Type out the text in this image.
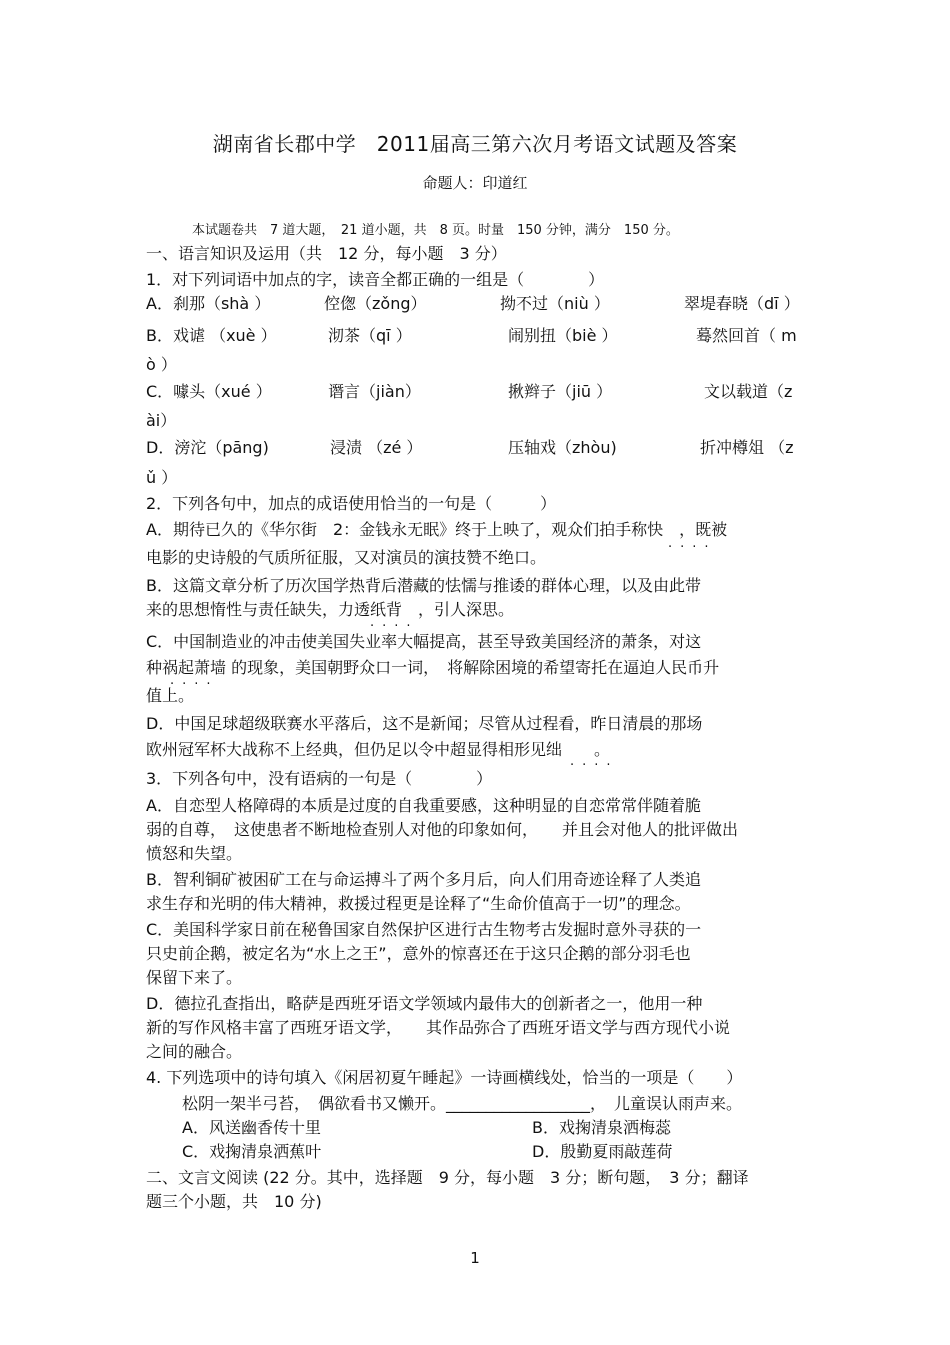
湖南省长郡中学　2011届高三第六次月考语文试题及答案
命题人：印道红
本试题卷共　7 道大题，　21 道小题，共　8 页。时量　150 分钟，满分　150 分。
一、语言知识及运用（共　12 分，每小题　3 分）
1．对下列词语中加点的字，读音全都正确的一组是（　　　　）
A．刹那（shà ）	倥偬（zǒng）	拗不过（niù ）	翠堤春晓（dī ）
B．戏谑 （xuè ）	沏茶（qī ）	闹别扭（biè ）	蓦然回首（ m
ò ）
C．噱头（xué ）	谮言（jiàn）	揪辫子（jiū ）	文以载道（z
ài）
D．滂沱（pāng)	浸渍 （zé ）	压轴戏（zhòu)	折冲樽俎 （z
ǔ ）
2．下列各句中，加点的成语使用恰当的一句是（　　　）
A．期待已久的《华尔街　2：金钱永无眠》终于上映了，观众们拍手称快　，既被
....
电影的史诗般的气质所征服，又对演员的演技赞不绝口。
B．这篇文章分析了历次国学热背后潜藏的怯懦与推诿的群体心理，以及由此带
来的思想惰性与责任缺失，力透纸背　，引人深思。
....
C．中国制造业的冲击使美国失业率大幅提高，甚至导致美国经济的萧条，对这
种祸起萧墙 的现象，美国朝野众口一词，　将解除困境的希望寄托在逼迫人民币升
....
值上。
D．中国足球超级联赛水平落后，这不是新闻；尽管从过程看，昨日清晨的那场
欧州冠军杯大战称不上经典，但仍足以令中超显得相形见绌　　。
....
3．下列各句中，没有语病的一句是（　　　　）
A．自恋型人格障碍的本质是过度的自我重要感，这种明显的自恋常常伴随着脆
弱的自尊，　这使患者不断地检查别人对他的印象如何，　　并且会对他人的批评做出
愤怒和失望。
B．智利铜矿被困矿工在与命运搏斗了两个多月后，向人们用奇迹诠释了人类追
求生存和光明的伟大精神，救援过程更是诠释了“生命价值高于一切”的理念。
C．美国科学家日前在秘鲁国家自然保护区进行古生物考古发掘时意外寻获的一
只史前企鹅，被定名为“水上之王”，意外的惊喜还在于这只企鹅的部分羽毛也
保留下来了。
D．德拉孔查指出，略萨是西班牙语文学领域内最伟大的创新者之一，他用一种
新的写作风格丰富了西班牙语文学，　　其作品弥合了西班牙语文学与西方现代小说
之间的融合。
4. 下列选项中的诗句填入《闲居初夏午睡起》一诗画横线处，恰当的一项是（　　）
松阴一架半弓苔，　偶欲看书又懒开。__________________，　儿童误认雨声来。
A．风送幽香传十里	B．戏掬清泉洒梅蕊
C．戏掬清泉洒蕉叶	D．殷勤夏雨敲莲荷
二、文言文阅读 (22 分。其中，选择题　9 分，每小题　3 分；断句题，　3 分；翻译
题三个小题，共　10 分)
1
